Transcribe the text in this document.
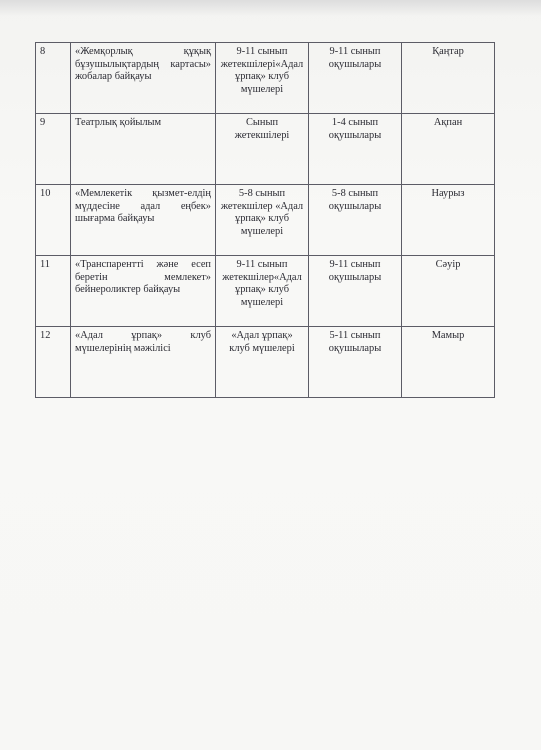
8	«Жемқорлық құқық бұзушылықтардың картасы» жобалар байқауы	9-11 сынып жетекшілері«Адал ұрпақ» клуб мүшелері	9-11 сынып оқушылары	Қаңтар
9	Театрлық қойылым	Сынып жетекшілері	1-4 сынып оқушылары	Ақпан
10	«Мемлекетік қызмет-елдің мүддесіне адал еңбек» шығарма байқауы	5-8 сынып жетекшілер «Адал ұрпақ» клуб мүшелері	5-8 сынып оқушылары	Наурыз
11	«Транспарентті және есеп беретін мемлекет» бейнероликтер байқауы	9-11 сынып жетекшілер«Адал ұрпақ» клуб мүшелері	9-11 сынып оқушылары	Сәуір
12	«Адал ұрпақ» клуб мүшелерінің мәжілісі	«Адал ұрпақ» клуб мүшелері	5-11 сынып оқушылары	Мамыр
